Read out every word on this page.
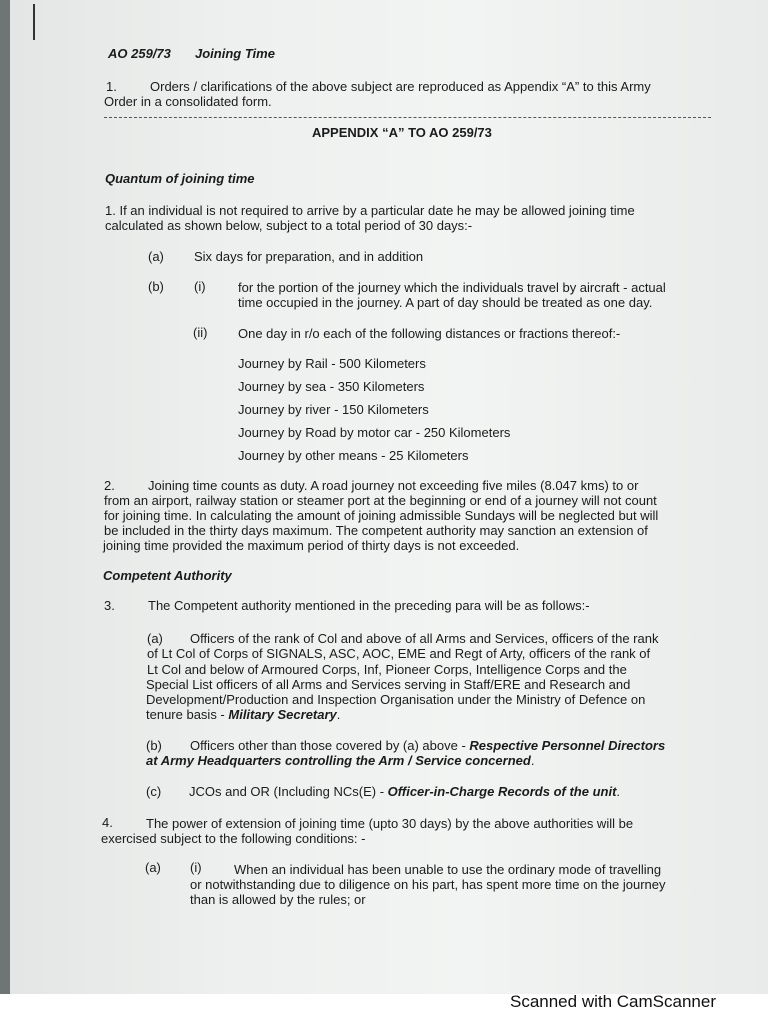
AO 259/73 Joining Time
1.	Orders / clarifications of the above subject are reproduced as Appendix “A” to this Army
Order in a consolidated form.
APPENDIX “A” TO AO 259/73
Quantum of joining time
1. If an individual is not required to arrive by a particular date he may be allowed joining time
calculated as shown below, subject to a total period of 30 days:-
(a) Six days for preparation, and in addition
(b) (i) for the portion of the journey which the individuals travel by aircraft - actual
time occupied in the journey. A part of day should be treated as one day.
(ii) One day in r/o each of the following distances or fractions thereof:-
Journey by Rail - 500 Kilometers
Journey by sea - 350 Kilometers
Journey by river - 150 Kilometers
Journey by Road by motor car - 250 Kilometers
Journey by other means - 25 Kilometers
2.	Joining time counts as duty. A road journey not exceeding five miles (8.047 kms) to or
from an airport, railway station or steamer port at the beginning or end of a journey will not count
for joining time. In calculating the amount of joining admissible Sundays will be neglected but will
be included in the thirty days maximum. The competent authority may sanction an extension of
joining time provided the maximum period of thirty days is not exceeded.
Competent Authority
3.	The Competent authority mentioned in the preceding para will be as follows:-
(a) Officers of the rank of Col and above of all Arms and Services, officers of the rank
of Lt Col of Corps of SIGNALS, ASC, AOC, EME and Regt of Arty, officers of the rank of
Lt Col and below of Armoured Corps, Inf, Pioneer Corps, Intelligence Corps and the
Special List officers of all Arms and Services serving in Staff/ERE and Research and
Development/Production and Inspection Organisation under the Ministry of Defence on
tenure basis - Military Secretary.
(b) Officers other than those covered by (a) above - Respective Personnel Directors
at Army Headquarters controlling the Arm / Service concerned.
(c) JCOs and OR (Including NCs(E) - Officer-in-Charge Records of the unit.
4.	The power of extension of joining time (upto 30 days) by the above authorities will be
exercised subject to the following conditions: -
(a) (i) When an individual has been unable to use the ordinary mode of travelling
or notwithstanding due to diligence on his part, has spent more time on the journey
than is allowed by the rules; or
Scanned with CamScanner
